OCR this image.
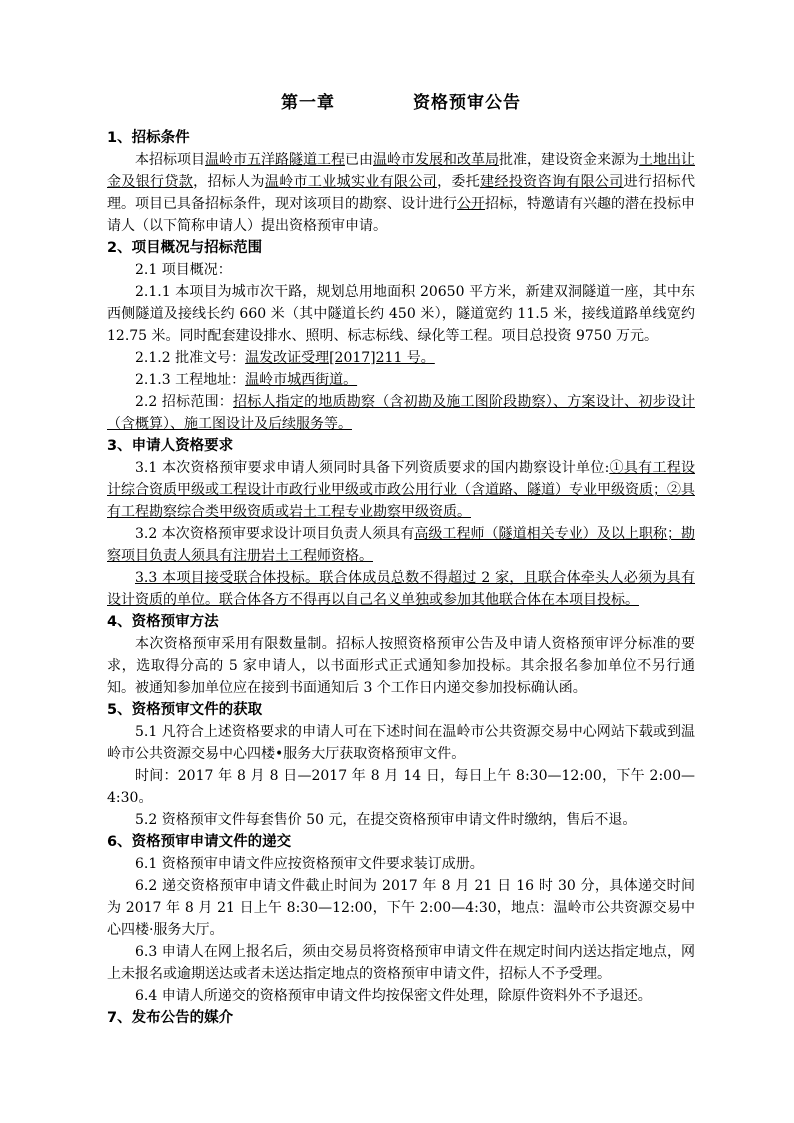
第一章	资格预审公告
1、招标条件

本招标项目温岭市五洋路隧道工程已由温岭市发展和改革局批准，建设资金来源为土地出让金及银行贷款，招标人为温岭市工业城实业有限公司，委托建经投资咨询有限公司进行招标代理。项目已具备招标条件，现对该项目的勘察、设计进行公开招标，特邀请有兴趣的潜在投标申请人（以下简称申请人）提出资格预审申请。

2、项目概况与招标范围

2.1 项目概况：

2.1.1 本项目为城市次干路，规划总用地面积 20650 平方米，新建双洞隧道一座，其中东西侧隧道及接线长约 660 米（其中隧道长约 450 米），隧道宽约 11.5 米，接线道路单线宽约 12.75 米。同时配套建设排水、照明、标志标线、绿化等工程。项目总投资 9750 万元。

2.1.2 批准文号：温发改证受理[2017]211 号。

2.1.3 工程地址：温岭市城西街道。

2.2 招标范围：招标人指定的地质勘察（含初勘及施工图阶段勘察）、方案设计、初步设计（含概算）、施工图设计及后续服务等。

3、申请人资格要求

3.1 本次资格预审要求申请人须同时具备下列资质要求的国内勘察设计单位:①具有工程设计综合资质甲级或工程设计市政行业甲级或市政公用行业（含道路、隧道）专业甲级资质；②具有工程勘察综合类甲级资质或岩土工程专业勘察甲级资质。

3.2 本次资格预审要求设计项目负责人须具有高级工程师（隧道相关专业）及以上职称；勘察项目负责人须具有注册岩土工程师资格。

3.3 本项目接受联合体投标。联合体成员总数不得超过 2 家，且联合体牵头人必须为具有设计资质的单位。联合体各方不得再以自己名义单独或参加其他联合体在本项目投标。

4、资格预审方法

本次资格预审采用有限数量制。招标人按照资格预审公告及申请人资格预审评分标准的要求，选取得分高的 5 家申请人，以书面形式正式通知参加投标。其余报名参加单位不另行通知。被通知参加单位应在接到书面通知后 3 个工作日内递交参加投标确认函。

5、资格预审文件的获取

5.1 凡符合上述资格要求的申请人可在下述时间在温岭市公共资源交易中心网站下载或到温岭市公共资源交易中心四楼•服务大厅获取资格预审文件。

时间：2017 年 8 月 8 日—2017 年 8 月 14 日，每日上午 8:30—12:00，下午 2:00—4:30。

5.2 资格预审文件每套售价 50 元，在提交资格预审申请文件时缴纳，售后不退。

6、资格预审申请文件的递交

6.1 资格预审申请文件应按资格预审文件要求装订成册。

6.2 递交资格预审申请文件截止时间为 2017 年 8 月 21 日 16 时 30 分，具体递交时间为 2017 年 8 月 21 日上午 8:30—12:00，下午 2:00—4:30，地点：温岭市公共资源交易中心四楼·服务大厅。

6.3 申请人在网上报名后，须由交易员将资格预审申请文件在规定时间内送达指定地点，网上未报名或逾期送达或者未送达指定地点的资格预审申请文件，招标人不予受理。

6.4 申请人所递交的资格预审申请文件均按保密文件处理，除原件资料外不予退还。

7、发布公告的媒介
